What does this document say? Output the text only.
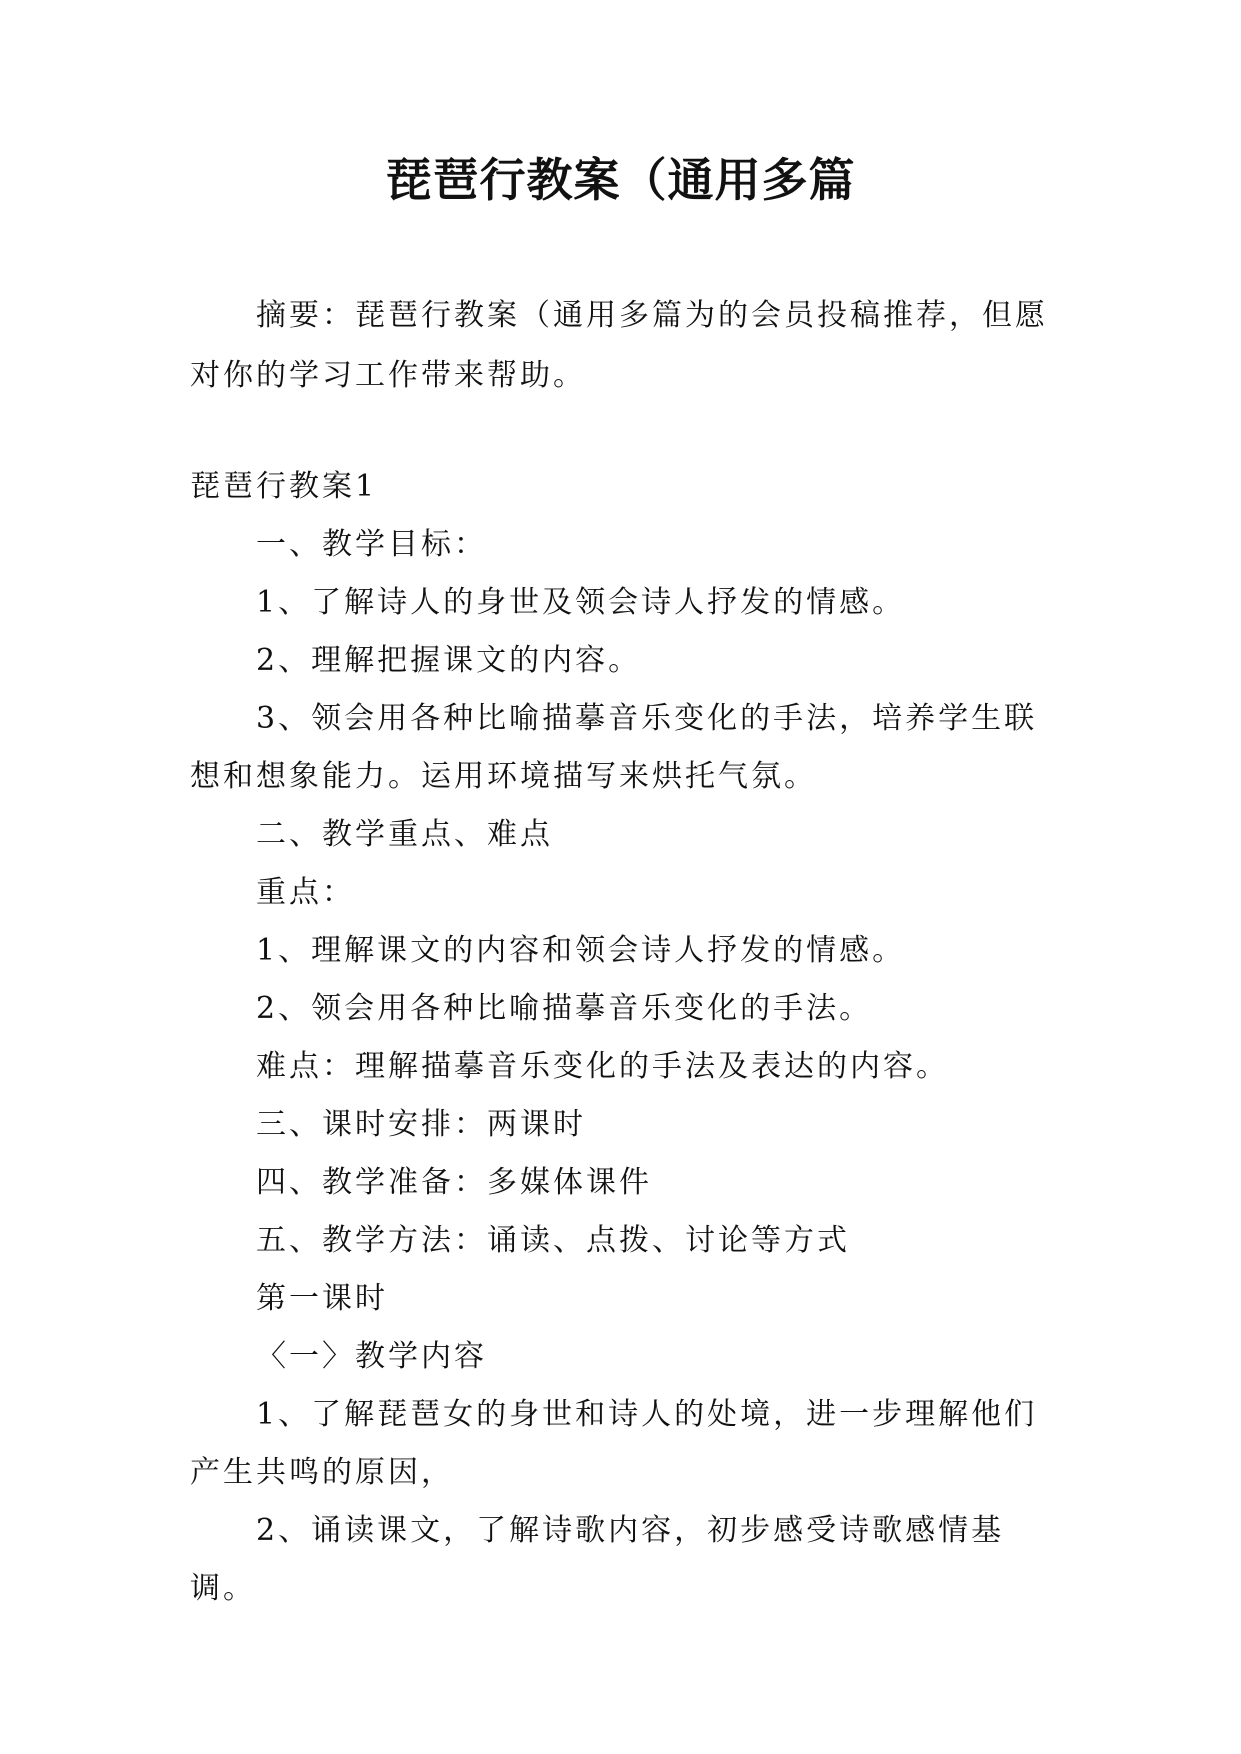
琵琶行教案（通用多篇
摘要：琵琶行教案（通用多篇为的会员投稿推荐，但愿对你的学习工作带来帮助。

琵琶行教案1

一、教学目标：

1、了解诗人的身世及领会诗人抒发的情感。

2、理解把握课文的内容。

3、领会用各种比喻描摹音乐变化的手法，培养学生联想和想象能力。运用环境描写来烘托气氛。

二、教学重点、难点

重点：

1、理解课文的内容和领会诗人抒发的情感。

2、领会用各种比喻描摹音乐变化的手法。

难点：理解描摹音乐变化的手法及表达的内容。

三、课时安排：两课时

四、教学准备：多媒体课件

五、教学方法：诵读、点拨、讨论等方式

第一课时

〈一〉教学内容

1、了解琵琶女的身世和诗人的处境，进一步理解他们产生共鸣的原因，

2、诵读课文，了解诗歌内容，初步感受诗歌感情基调。
